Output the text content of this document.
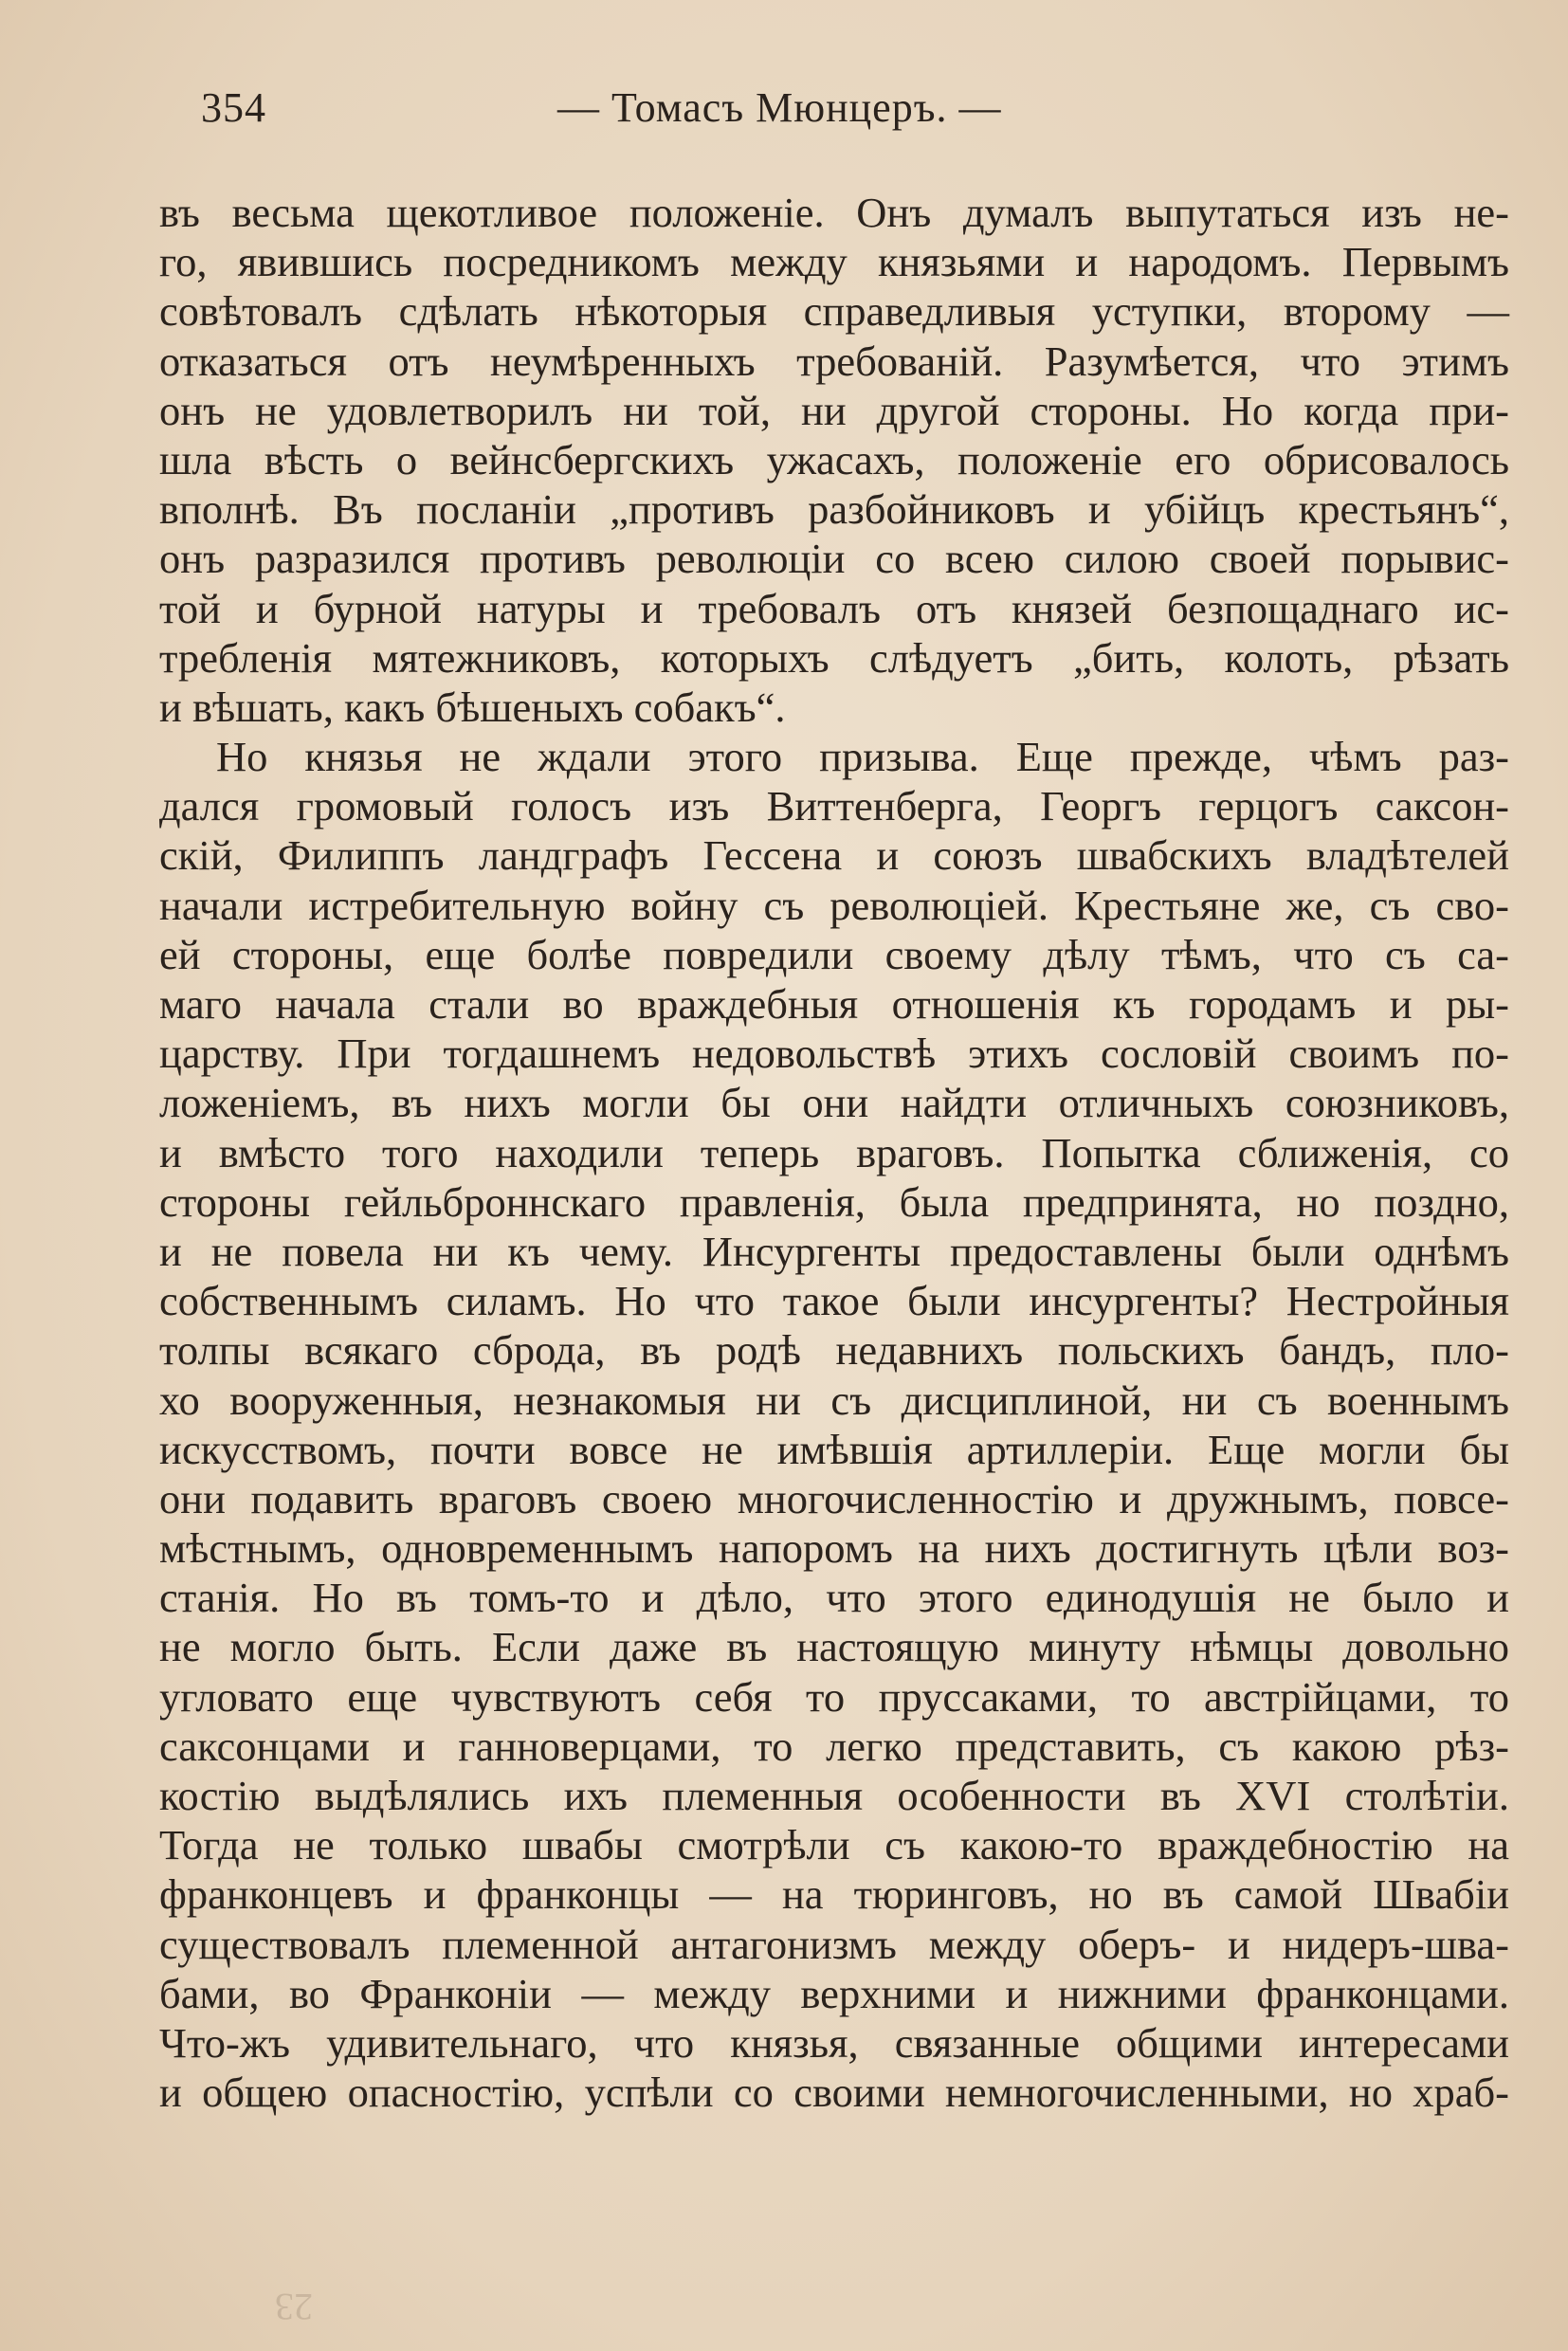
354	— Томасъ Мюнцеръ. —
въ весьма щекотливое положеніе. Онъ думалъ выпутаться изъ не-
го, явившись посредникомъ между князьями и народомъ. Первымъ
совѣтовалъ сдѣлать нѣкоторыя справедливыя уступки, второму —
отказаться отъ неумѣренныхъ требованій. Разумѣется, что этимъ
онъ не удовлетворилъ ни той, ни другой стороны. Но когда при-
шла вѣсть о вейнсбергскихъ ужасахъ, положеніе его обрисовалось
вполнѣ. Въ посланіи „противъ разбойниковъ и убійцъ крестьянъ“,
онъ разразился противъ революціи со всею силою своей порывис-
той и бурной натуры и требовалъ отъ князей безпощаднаго ис-
требленія мятежниковъ, которыхъ слѣдуетъ „бить, колоть, рѣзать
и вѣшать, какъ бѣшеныхъ собакъ“.
Но князья не ждали этого призыва. Еще прежде, чѣмъ раз-
дался громовый голосъ изъ Виттенберга, Георгъ герцогъ саксон-
скій, Филиппъ ландграфъ Гессена и союзъ швабскихъ владѣтелей
начали истребительную войну съ революціей. Крестьяне же, съ сво-
ей стороны, еще болѣе повредили своему дѣлу тѣмъ, что съ са-
маго начала стали во враждебныя отношенія къ городамъ и ры-
царству. При тогдашнемъ недовольствѣ этихъ сословій своимъ по-
ложеніемъ, въ нихъ могли бы они найдти отличныхъ союзниковъ,
и вмѣсто того находили теперь враговъ. Попытка сближенія, со
стороны гейльброннскаго правленія, была предпринята, но поздно,
и не повела ни къ чему. Инсургенты предоставлены были однѣмъ
собственнымъ силамъ. Но что такое были инсургенты? Нестройныя
толпы всякаго сброда, въ родѣ недавнихъ польскихъ бандъ, пло-
хо вооруженныя, незнакомыя ни съ дисциплиной, ни съ военнымъ
искусствомъ, почти вовсе не имѣвшія артиллеріи. Еще могли бы
они подавить враговъ своею многочисленностію и дружнымъ, повсе-
мѣстнымъ, одновременнымъ напоромъ на нихъ достигнуть цѣли воз-
станія. Но въ томъ-то и дѣло, что этого единодушія не было и
не могло быть. Если даже въ настоящую минуту нѣмцы довольно
угловато еще чувствуютъ себя то пруссаками, то австрійцами, то
саксонцами и ганноверцами, то легко представить, съ какою рѣз-
костію выдѣлялись ихъ племенныя особенности въ XVI столѣтіи.
Тогда не только швабы смотрѣли съ какою-то враждебностію на
франконцевъ и франконцы — на тюринговъ, но въ самой Швабіи
существовалъ племенной антагонизмъ между оберъ- и нидеръ-шва-
бами, во Франконіи — между верхними и нижними франконцами.
Что-жъ удивительнаго, что князья, связанные общими интересами
и общею опасностію, успѣли со своими немногочисленными, но храб-
23
